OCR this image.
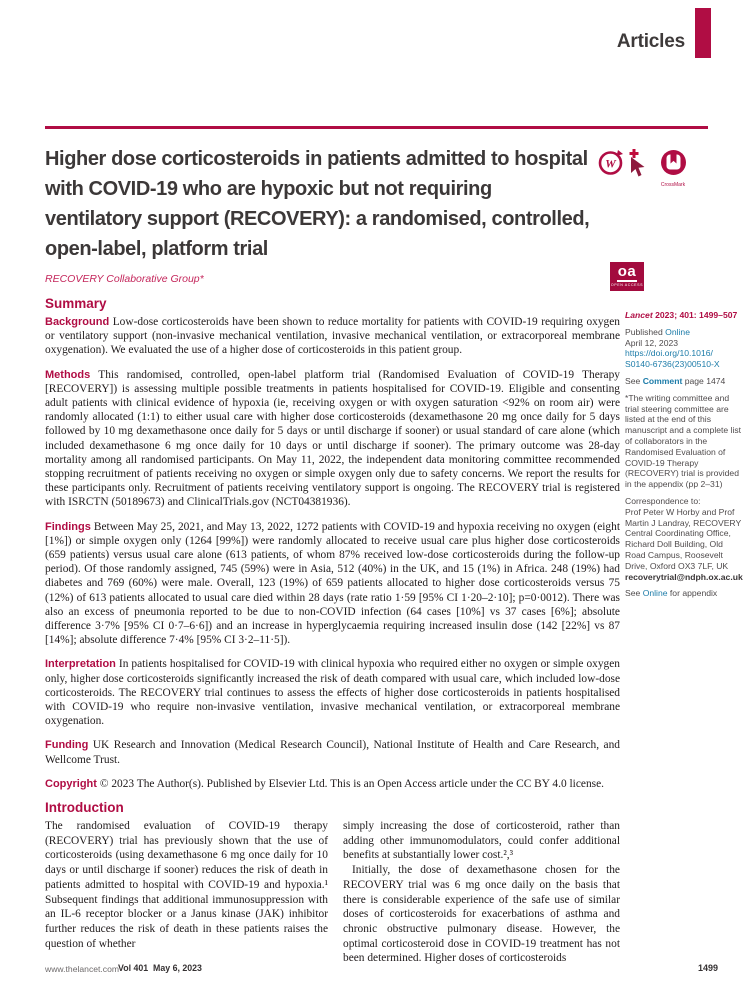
Articles
Higher dose corticosteroids in patients admitted to hospital
with COVID-19 who are hypoxic but not requiring
ventilatory support (RECOVERY): a randomised, controlled,
open-label, platform trial
W
CrossMark
RECOVERY Collaborative Group*	oa
OPEN ACCESS
Summary

Background Low-dose corticosteroids have been shown to reduce mortality for patients with COVID-19 requiring oxygen or ventilatory support (non-invasive mechanical ventilation, invasive mechanical ventilation, or extracorporeal membrane oxygenation). We evaluated the use of a higher dose of corticosteroids in this patient group.

Methods This randomised, controlled, open-label platform trial (Randomised Evaluation of COVID-19 Therapy [RECOVERY]) is assessing multiple possible treatments in patients hospitalised for COVID-19. Eligible and consenting adult patients with clinical evidence of hypoxia (ie, receiving oxygen or with oxygen saturation <92% on room air) were randomly allocated (1:1) to either usual care with higher dose corticosteroids (dexamethasone 20 mg once daily for 5 days followed by 10 mg dexamethasone once daily for 5 days or until discharge if sooner) or usual standard of care alone (which included dexamethasone 6 mg once daily for 10 days or until discharge if sooner). The primary outcome was 28-day mortality among all randomised participants. On May 11, 2022, the independent data monitoring committee recommended stopping recruitment of patients receiving no oxygen or simple oxygen only due to safety concerns. We report the results for these participants only. Recruitment of patients receiving ventilatory support is ongoing. The RECOVERY trial is registered with ISRCTN (50189673) and ClinicalTrials.gov (NCT04381936).

Findings Between May 25, 2021, and May 13, 2022, 1272 patients with COVID-19 and hypoxia receiving no oxygen (eight [1%]) or simple oxygen only (1264 [99%]) were randomly allocated to receive usual care plus higher dose corticosteroids (659 patients) versus usual care alone (613 patients, of whom 87% received low-dose corticosteroids during the follow-up period). Of those randomly assigned, 745 (59%) were in Asia, 512 (40%) in the UK, and 15 (1%) in Africa. 248 (19%) had diabetes and 769 (60%) were male. Overall, 123 (19%) of 659 patients allocated to higher dose corticosteroids versus 75 (12%) of 613 patients allocated to usual care died within 28 days (rate ratio 1·59 [95% CI 1·20–2·10]; p=0·0012). There was also an excess of pneumonia reported to be due to non-COVID infection (64 cases [10%] vs 37 cases [6%]; absolute difference 3·7% [95% CI 0·7–6·6]) and an increase in hyperglycaemia requiring increased insulin dose (142 [22%] vs 87 [14%]; absolute difference 7·4% [95% CI 3·2–11·5]).

Interpretation In patients hospitalised for COVID-19 with clinical hypoxia who required either no oxygen or simple oxygen only, higher dose corticosteroids significantly increased the risk of death compared with usual care, which included low-dose corticosteroids. The RECOVERY trial continues to assess the effects of higher dose corticosteroids in patients hospitalised with COVID-19 who require non-invasive ventilation, invasive mechanical ventilation, or extracorporeal membrane oxygenation.

Funding UK Research and Innovation (Medical Research Council), National Institute of Health and Care Research, and Wellcome Trust.

Copyright © 2023 The Author(s). Published by Elsevier Ltd. This is an Open Access article under the CC BY 4.0 license.

Lancet 2023; 401: 1499–507
Published Online
April 12, 2023
https://doi.org/10.1016/
S0140-6736(23)00510-X
See Comment page 1474
*The writing committee and trial steering committee are listed at the end of this manuscript and a complete list of collaborators in the Randomised Evaluation of COVID-19 Therapy (RECOVERY) trial is provided in the appendix (pp 2–31)
Correspondence to:
Prof Peter W Horby and Prof Martin J Landray, RECOVERY Central Coordinating Office, Richard Doll Building, Old Road Campus, Roosevelt Drive, Oxford OX3 7LF, UK
recoverytrial@ndph.ox.ac.uk
See Online for appendix
Introduction
The randomised evaluation of COVID-19 therapy (RECOVERY) trial has previously shown that the use of corticosteroids (using dexamethasone 6 mg once daily for 10 days or until discharge if sooner) reduces the risk of death in patients admitted to hospital with COVID-19 and hypoxia.¹ Subsequent findings that additional immunosuppression with an IL-6 receptor blocker or a Janus kinase (JAK) inhibitor further reduces the risk of death in these patients raises the question of whether

simply increasing the dose of corticosteroid, rather than adding other immunomodulators, could confer additional benefits at substantially lower cost.²,³

Initially, the dose of dexamethasone chosen for the RECOVERY trial was 6 mg once daily on the basis that there is considerable experience of the safe use of similar doses of corticosteroids for exacerbations of asthma and chronic obstructive pulmonary disease. However, the optimal corticosteroid dose in COVID-19 treatment has not been determined. Higher doses of corticosteroids

www.thelancet.com
Vol 401 May 6, 2023	1499
